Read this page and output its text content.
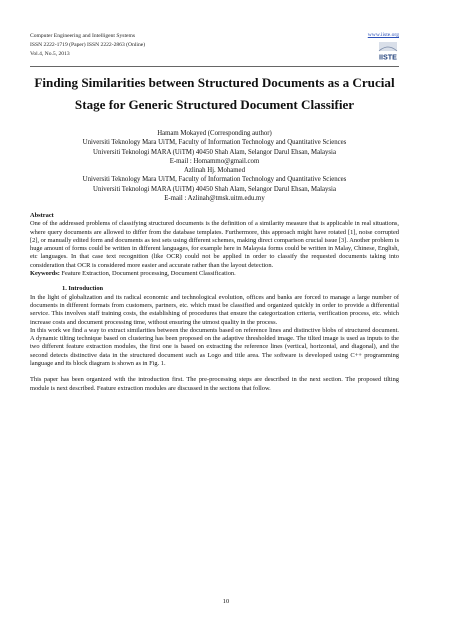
Computer Engineering and Intelligent Systems
ISSN 2222-1719 (Paper) ISSN 2222-2863 (Online)
Vol.4, No.5, 2013
www.iiste.org
IISTE
Finding Similarities between Structured Documents as a Crucial
Stage for Generic Structured Document Classifier
Hamam Mokayed (Corresponding author)
Universiti Teknology Mara UiTM, Faculty of Information Technology and Quantitative Sciences
Universiti Teknologi MARA (UiTM) 40450 Shah Alam, Selangor Darul Ehsan, Malaysia
E-mail : Homammo@gmail.com
Azlinah Hj. Mohamed
Universiti Teknology Mara UiTM, Faculty of Information Technology and Quantitative Sciences
Universiti Teknologi MARA (UiTM) 40450 Shah Alam, Selangor Darul Ehsan, Malaysia
E-mail : Azlinah@tmsk.uitm.edu.my

Abstract

One of the addressed problems of classifying structured documents is the definition of a similarity measure that is applicable in real situations, where query documents are allowed to differ from the database templates. Furthermore, this approach might have rotated [1], noise corrupted [2], or manually edited form and documents as test sets using different schemes, making direct comparison crucial issue [3]. Another problem is huge amount of forms could be written in different languages, for example here in Malaysia forms could be written in Malay, Chinese, English, etc languages. In that case text recognition (like OCR) could not be applied in order to classify the requested documents taking into consideration that OCR is considered more easier and accurate rather than the layout detection.

Keywords: Feature Extraction, Document processing, Document Classification.

1. Introduction

In the light of globalization and its radical economic and technological evolution, offices and banks are forced to manage a large number of documents in different formats from customers, partners, etc. which must be classified and organized quickly in order to provide a differential service. This involves staff training costs, the establishing of procedures that ensure the categorization criteria, verification process, etc. which increase costs and document processing time, without ensuring the utmost quality in the process.

In this work we find a way to extract similarities between the documents based on reference lines and distinctive blobs of structured document. A dynamic tilting technique based on clustering has been proposed on the adaptive thresholded image. The tilted image is used as inputs to the two different feature extraction modules, the first one is based on extracting the reference lines (vertical, horizontal, and diagonal), and the second detects distinctive data in the structured document such as Logo and title area. The software is developed using C++ programming language and its block diagram is shown as in Fig. 1.

This paper has been organized with the introduction first. The pre-processing steps are described in the next section. The proposed tilting module is next described. Feature extraction modules are discussed in the sections that follow.

10
